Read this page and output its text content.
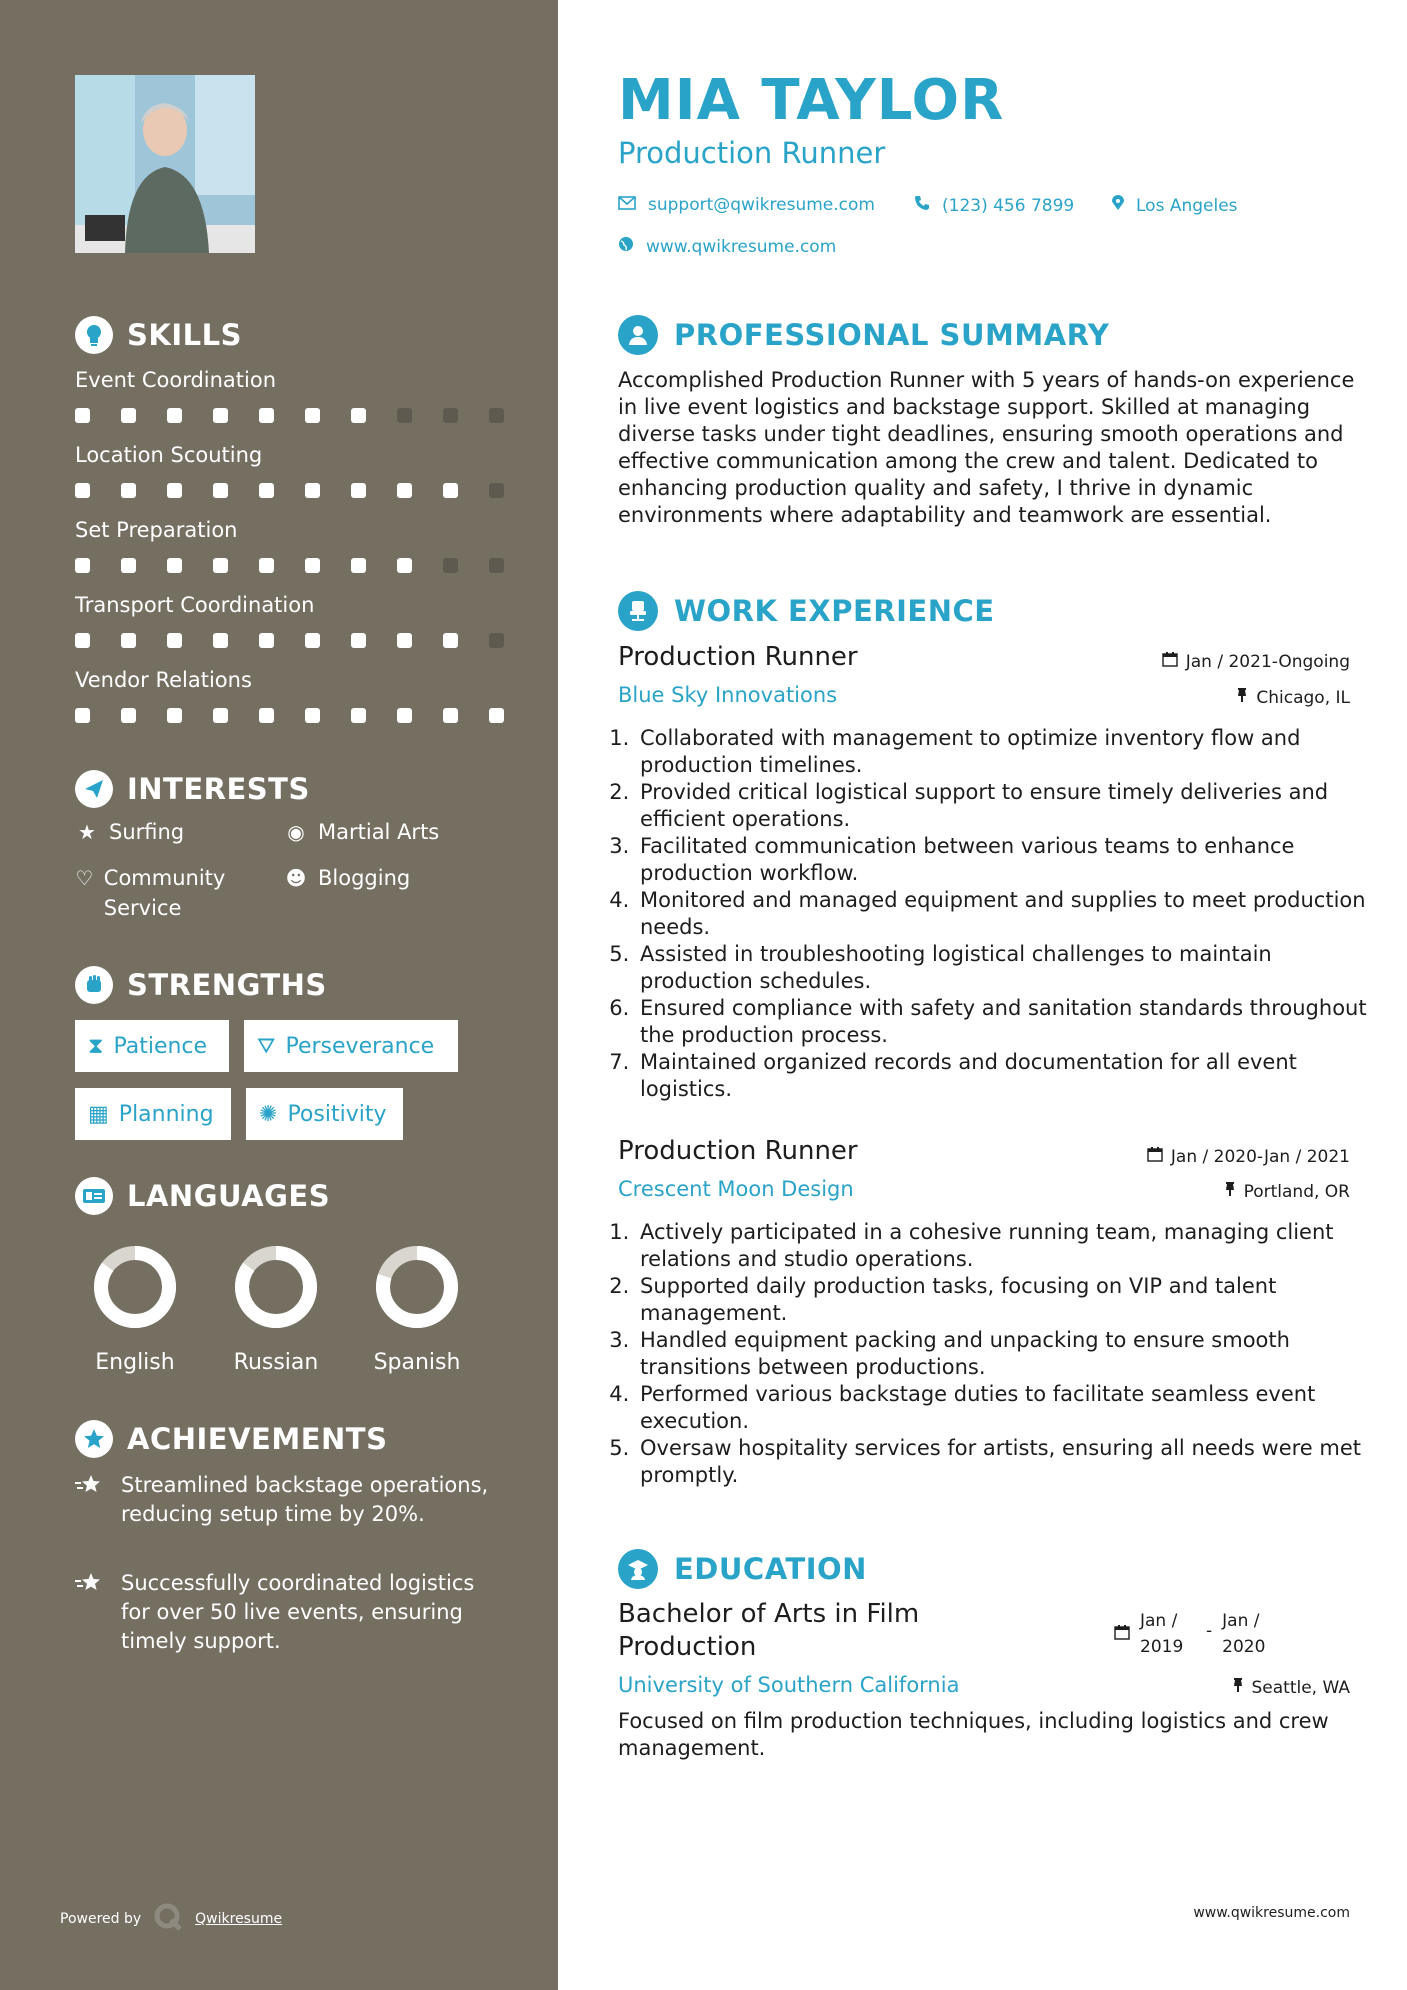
SKILLS
Event Coordination
Location Scouting
Set Preparation
Transport Coordination
Vendor Relations
INTERESTS
★ Surfing	◉ Martial Arts
♡ Community Service
☻ Blogging
STRENGTHS
⧗ Patience ⛛ Perseverance
▦ Planning ✺ Positivity
LANGUAGES
English	Russian	Spanish
ACHIEVEMENTS
Streamlined backstage operations, reducing setup time by 20%.
Successfully coordinated logistics for over 50 live events, ensuring timely support.
Powered by	Qwikresume
MIA TAYLOR
Production Runner
support@qwikresume.com	(123) 456 7899	Los Angeles
www.qwikresume.com
PROFESSIONAL SUMMARY
Accomplished Production Runner with 5 years of hands-on experience in live event logistics and backstage support. Skilled at managing diverse tasks under tight deadlines, ensuring smooth operations and effective communication among the crew and talent. Dedicated to enhancing production quality and safety, I thrive in dynamic environments where adaptability and teamwork are essential.
WORK EXPERIENCE
Production Runner	Jan / 2021-Ongoing
Blue Sky Innovations	Chicago, IL
1. Collaborated with management to optimize inventory flow and production timelines.
2. Provided critical logistical support to ensure timely deliveries and efficient operations.
3. Facilitated communication between various teams to enhance production workflow.
4. Monitored and managed equipment and supplies to meet production needs.
5. Assisted in troubleshooting logistical challenges to maintain production schedules.
6. Ensured compliance with safety and sanitation standards throughout the production process.
7. Maintained organized records and documentation for all event logistics.
Production Runner	Jan / 2020-Jan / 2021
Crescent Moon Design	Portland, OR
1. Actively participated in a cohesive running team, managing client relations and studio operations.
2. Supported daily production tasks, focusing on VIP and talent management.
3. Handled equipment packing and unpacking to ensure smooth transitions between productions.
4. Performed various backstage duties to facilitate seamless event execution.
5. Oversaw hospitality services for artists, ensuring all needs were met promptly.
EDUCATION
Bachelor of Arts in Film Production
Jan /
2019
- Jan /
2020
University of Southern California	Seattle, WA
Focused on film production techniques, including logistics and crew management.
www.qwikresume.com
